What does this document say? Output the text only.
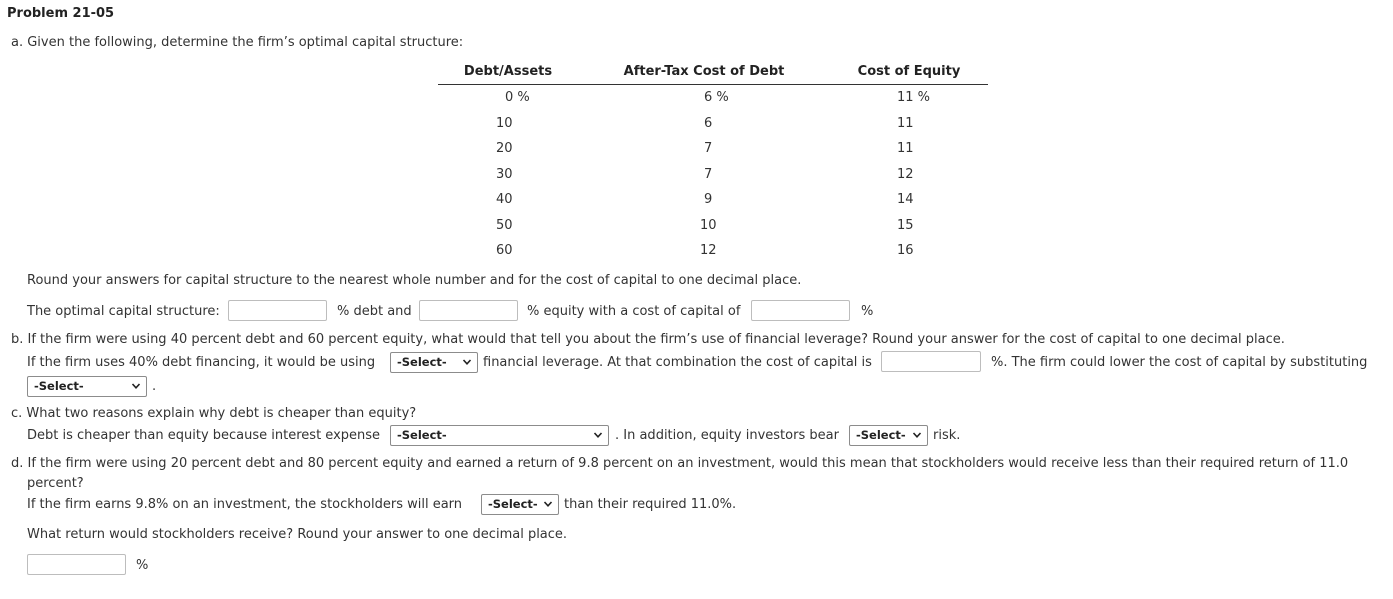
Problem 21-05
a. Given the following, determine the firm’s optimal capital structure:
Debt/Assets	After-Tax Cost of Debt	Cost of Equity
0 %	6 %	11 %
10	6	11
20	7	11
30	7	12
40	9	14
50	10	15
60	12	16
Round your answers for capital structure to the nearest whole number and for the cost of capital to one decimal place.
The optimal capital structure:	% debt and	% equity with a cost of capital of	%
b. If the firm were using 40 percent debt and 60 percent equity, what would that tell you about the firm’s use of financial leverage? Round your answer for the cost of capital to one decimal place.
If the firm uses 40% debt financing, it would be using	-Select-	financial leverage. At that combination the cost of capital is	%. The firm could lower the cost of capital by substituting
-Select-	.
c. What two reasons explain why debt is cheaper than equity?
Debt is cheaper than equity because interest expense	-Select-	. In addition, equity investors bear	-Select-	risk.
d. If the firm were using 20 percent debt and 80 percent equity and earned a return of 9.8 percent on an investment, would this mean that stockholders would receive less than their required return of 11.0
percent?
If the firm earns 9.8% on an investment, the stockholders will earn	-Select-	than their required 11.0%.
What return would stockholders receive? Round your answer to one decimal place.
%
